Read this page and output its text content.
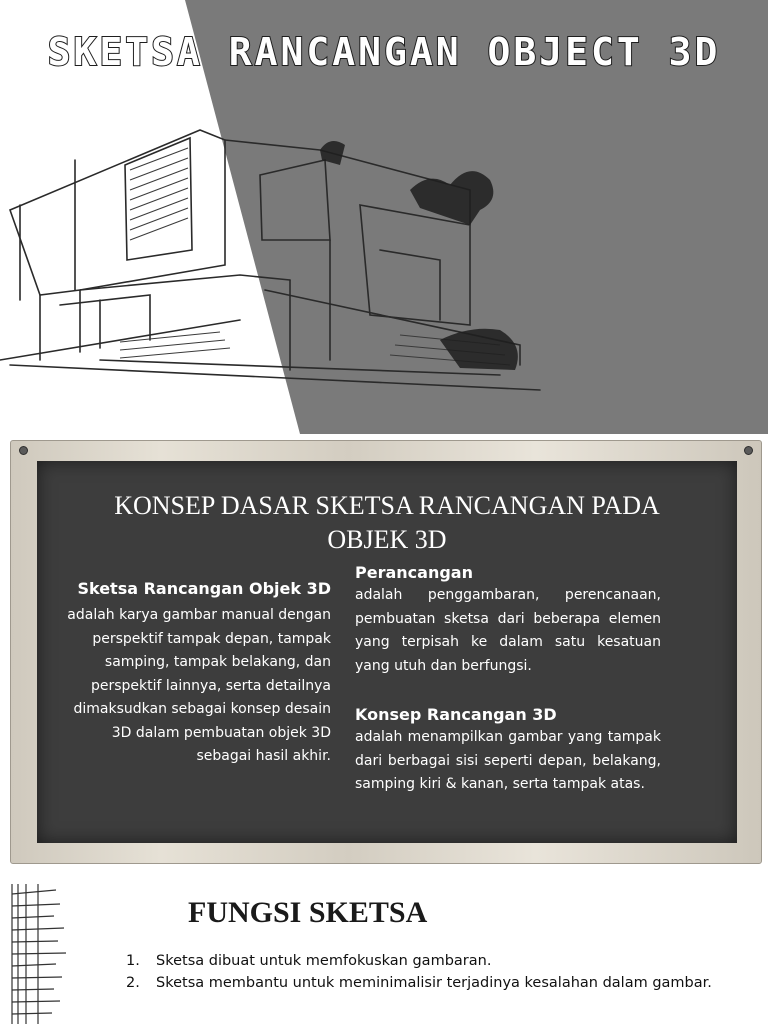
SKETSA RANCANGAN OBJECT 3D
KONSEP DASAR SKETSA RANCANGAN PADA
OBJEK 3D
Sketsa Rancangan Objek 3D

adalah karya gambar manual dengan perspektif tampak depan, tampak samping, tampak belakang, dan perspektif lainnya, serta detailnya dimaksudkan sebagai konsep desain 3D dalam pembuatan objek 3D sebagai hasil akhir.

Perancangan

adalah penggambaran, perencanaan, pembuatan sketsa dari beberapa elemen yang terpisah ke dalam satu kesatuan yang utuh dan berfungsi.

Konsep Rancangan 3D

adalah menampilkan gambar yang tampak dari berbagai sisi seperti depan, belakang, samping kiri & kanan, serta tampak atas.

FUNGSI SKETSA
1. Sketsa dibuat untuk memfokuskan gambaran.
2. Sketsa membantu untuk meminimalisir terjadinya kesalahan dalam gambar.
